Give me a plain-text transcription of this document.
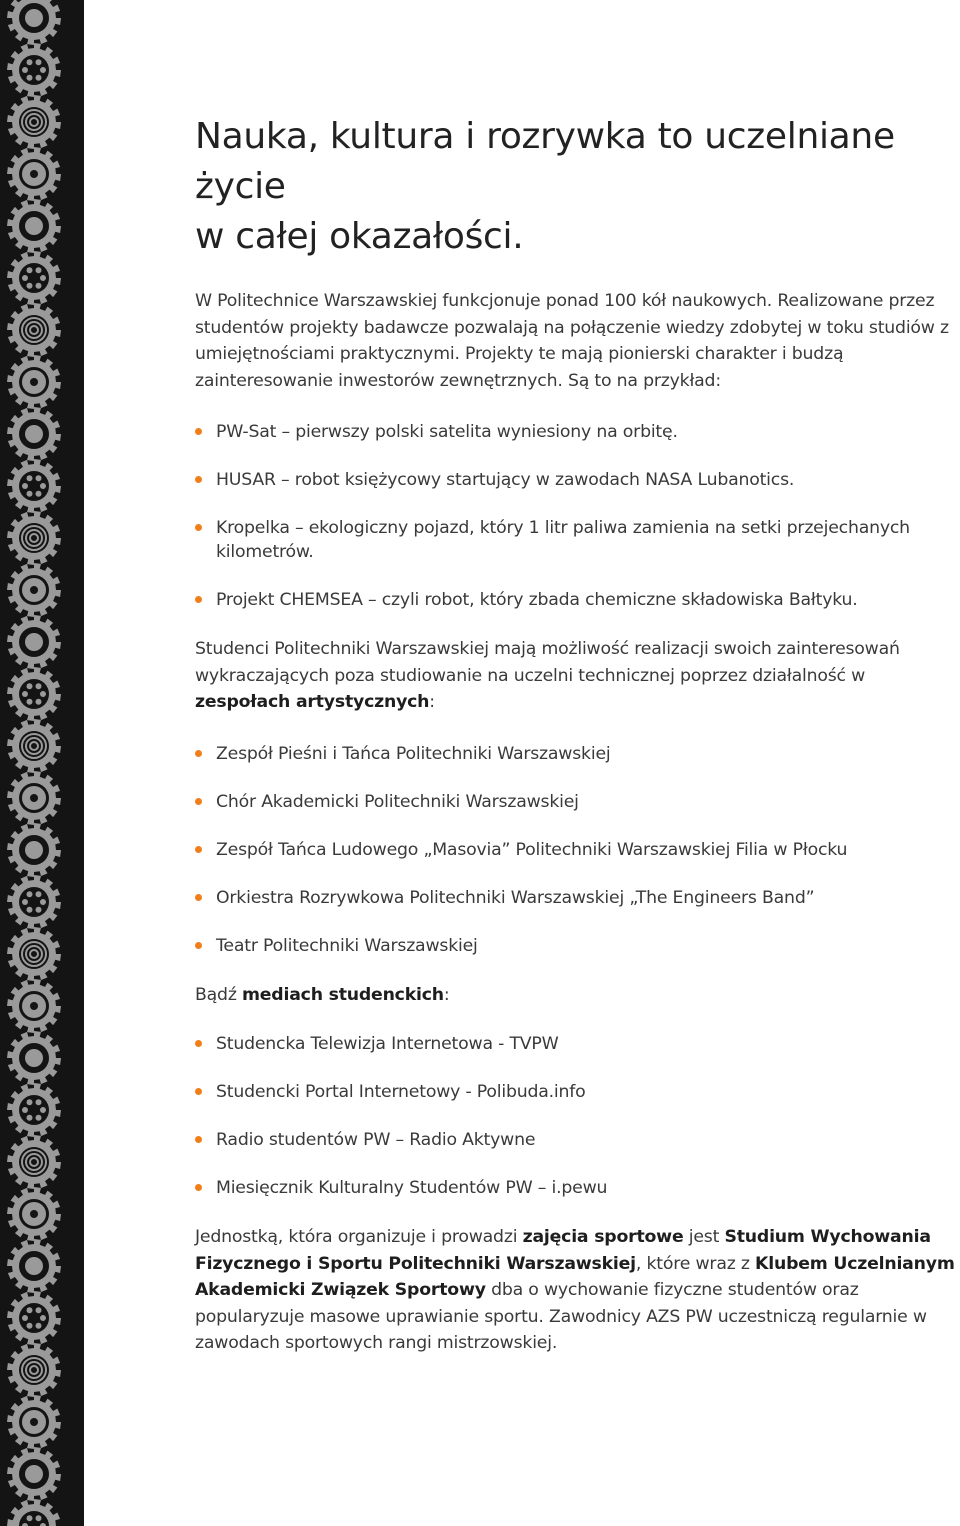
Nauka, kultura i rozrywka to uczelniane życie
w całej okazałości.

W Politechnice Warszawskiej funkcjonuje ponad 100 kół naukowych. Realizowane przez studentów projekty badawcze pozwalają na połączenie wiedzy zdobytej w toku studiów z umiejętnościami praktycznymi. Projekty te mają pionierski charakter i budzą zainteresowanie inwestorów zewnętrznych. Są to na przykład:

PW-Sat – pierwszy polski satelita wyniesiony na orbitę.
HUSAR – robot księżycowy startujący w zawodach NASA Lubanotics.
Kropelka – ekologiczny pojazd, który 1 litr paliwa zamienia na setki przejechanych kilometrów.
Projekt CHEMSEA – czyli robot, który zbada chemiczne składowiska Bałtyku.

Studenci Politechniki Warszawskiej mają możliwość realizacji swoich zainteresowań wykraczających poza studiowanie na uczelni technicznej poprzez działalność w zespołach artystycznych:

Zespół Pieśni i Tańca Politechniki Warszawskiej
Chór Akademicki Politechniki Warszawskiej
Zespół Tańca Ludowego „Masovia” Politechniki Warszawskiej Filia w Płocku
Orkiestra Rozrywkowa Politechniki Warszawskiej „The Engineers Band”
Teatr Politechniki Warszawskiej

Bądź mediach studenckich:

Studencka Telewizja Internetowa - TVPW
Studencki Portal Internetowy - Polibuda.info
Radio studentów PW – Radio Aktywne
Miesięcznik Kulturalny Studentów PW – i.pewu

Jednostką, która organizuje i prowadzi zajęcia sportowe jest Studium Wychowania Fizycznego i Sportu Politechniki Warszawskiej, które wraz z Klubem Uczelnianym Akademicki Związek Sportowy dba o wychowanie fizyczne studentów oraz popularyzuje masowe uprawianie sportu. Zawodnicy AZS PW uczestniczą regularnie w zawodach sportowych rangi mistrzowskiej.
